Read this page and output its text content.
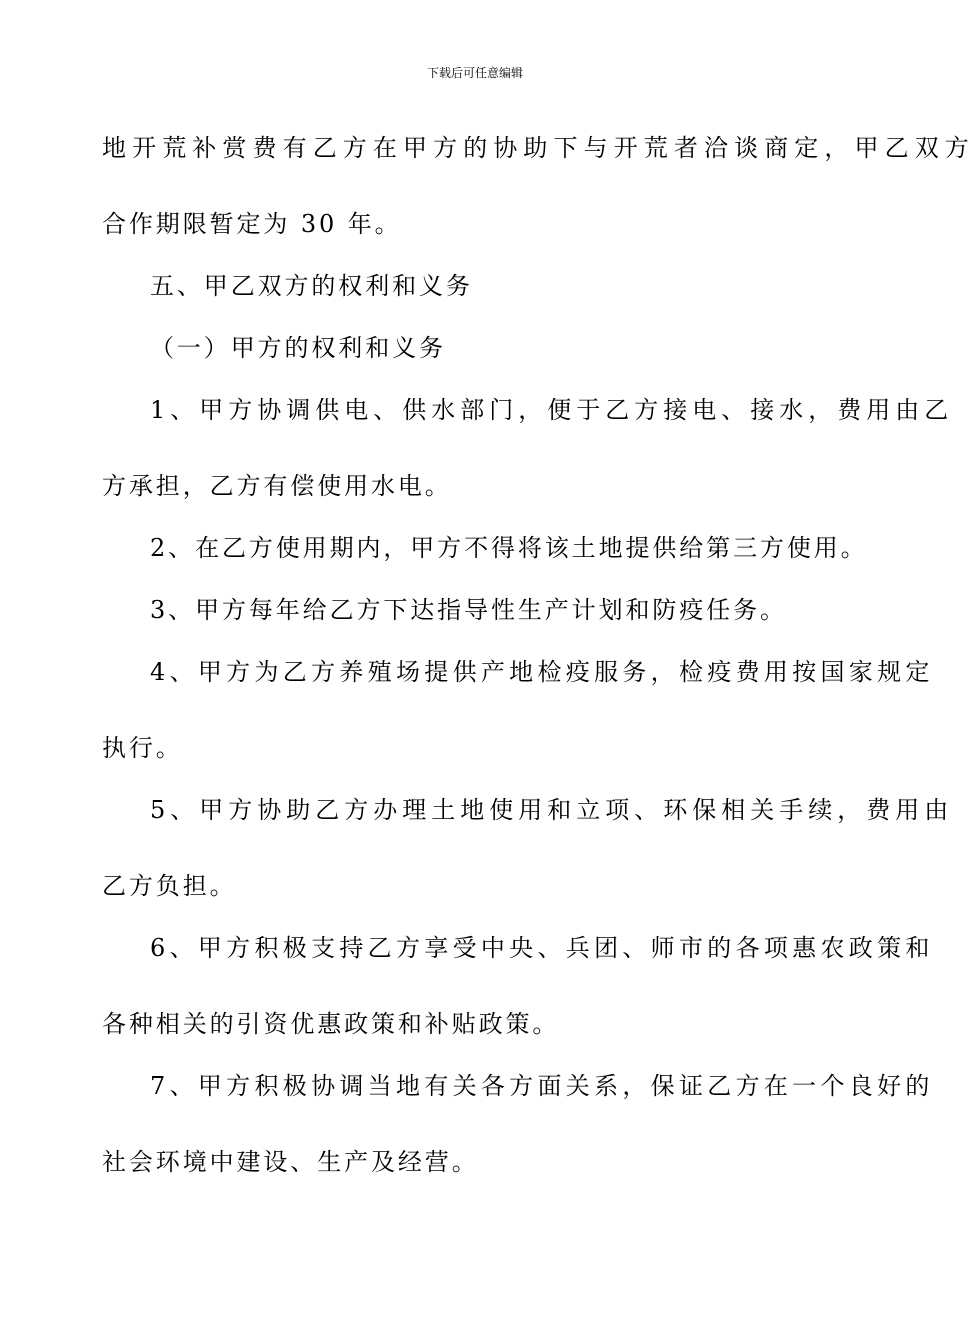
下载后可任意编辑
地开荒补赏费有乙方在甲方的协助下与开荒者洽谈商定，甲乙双方
合作期限暂定为 30 年。
五、甲乙双方的权利和义务
（一）甲方的权利和义务
1、甲方协调供电、供水部门，便于乙方接电、接水，费用由乙
方承担，乙方有偿使用水电。
2、在乙方使用期内，甲方不得将该土地提供给第三方使用。
3、甲方每年给乙方下达指导性生产计划和防疫任务。
4、甲方为乙方养殖场提供产地检疫服务，检疫费用按国家规定
执行。
5、甲方协助乙方办理土地使用和立项、环保相关手续，费用由
乙方负担。
6、甲方积极支持乙方享受中央、兵团、师市的各项惠农政策和
各种相关的引资优惠政策和补贴政策。
7、甲方积极协调当地有关各方面关系，保证乙方在一个良好的
社会环境中建设、生产及经营。
